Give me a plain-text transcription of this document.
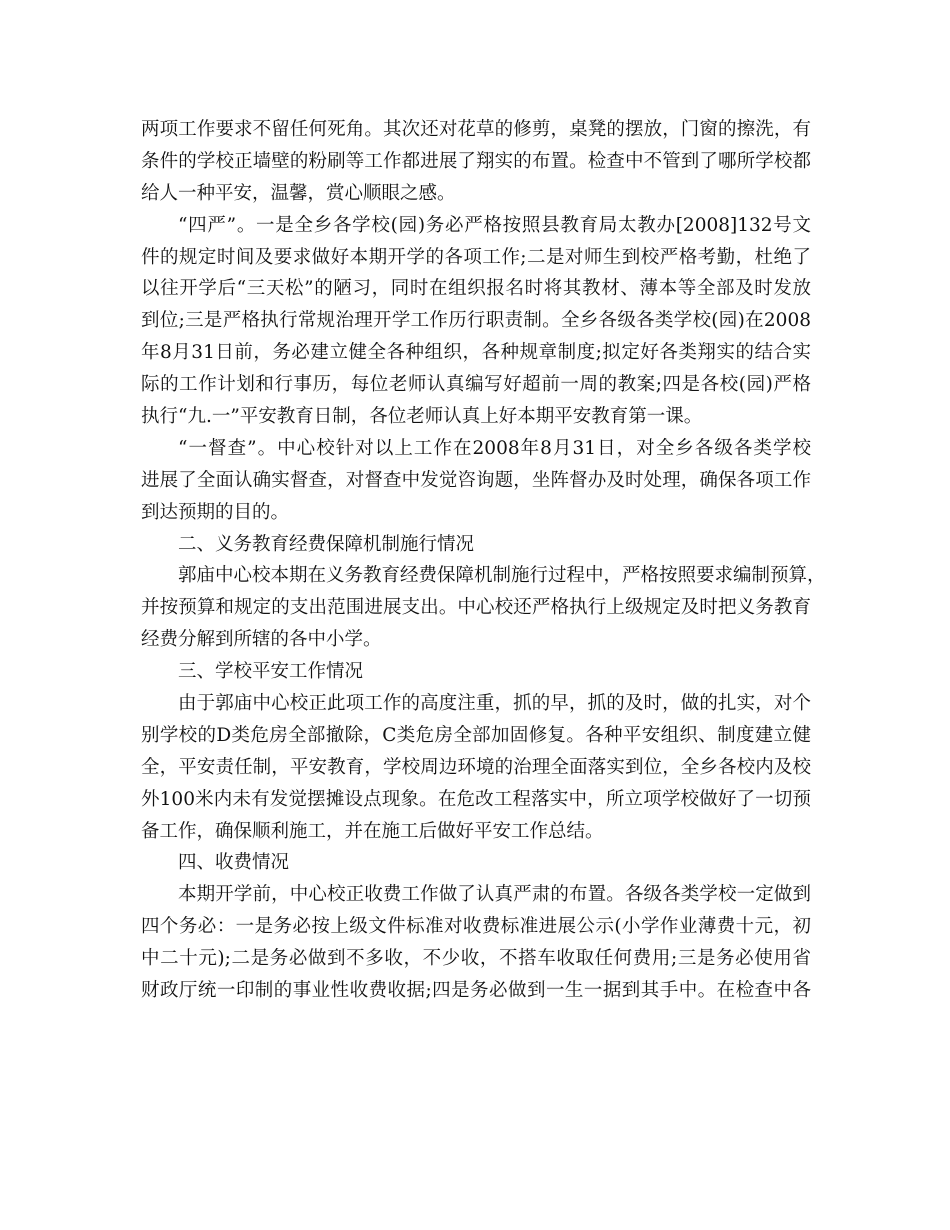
两项工作要求不留任何死角。其次还对花草的修剪，桌凳的摆放，门窗的擦洗，有
条件的学校正墙壁的粉刷等工作都进展了翔实的布置。检查中不管到了哪所学校都
给人一种平安，温馨，赏心顺眼之感。
“四严”。一是全乡各学校(园)务必严格按照县教育局太教办[2008]132号文
件的规定时间及要求做好本期开学的各项工作;二是对师生到校严格考勤，杜绝了
以往开学后“三天松”的陋习，同时在组织报名时将其教材、薄本等全部及时发放
到位;三是严格执行常规治理开学工作历行职责制。全乡各级各类学校(园)在2008
年8月31日前，务必建立健全各种组织，各种规章制度;拟定好各类翔实的结合实
际的工作计划和行事历，每位老师认真编写好超前一周的教案;四是各校(园)严格
执行“九.一”平安教育日制，各位老师认真上好本期平安教育第一课。
“一督查”。中心校针对以上工作在2008年8月31日，对全乡各级各类学校
进展了全面认确实督查，对督查中发觉咨询题，坐阵督办及时处理，确保各项工作
到达预期的目的。
二、义务教育经费保障机制施行情况
郭庙中心校本期在义务教育经费保障机制施行过程中，严格按照要求编制预算，
并按预算和规定的支出范围进展支出。中心校还严格执行上级规定及时把义务教育
经费分解到所辖的各中小学。
三、学校平安工作情况
由于郭庙中心校正此项工作的高度注重，抓的早，抓的及时，做的扎实，对个
别学校的D类危房全部撤除，C类危房全部加固修复。各种平安组织、制度建立健
全，平安责任制，平安教育，学校周边环境的治理全面落实到位，全乡各校内及校
外100米内未有发觉摆摊设点现象。在危改工程落实中，所立项学校做好了一切预
备工作，确保顺利施工，并在施工后做好平安工作总结。
四、收费情况
本期开学前，中心校正收费工作做了认真严肃的布置。各级各类学校一定做到
四个务必：一是务必按上级文件标准对收费标准进展公示(小学作业薄费十元，初
中二十元);二是务必做到不多收，不少收，不搭车收取任何费用;三是务必使用省
财政厅统一印制的事业性收费收据;四是务必做到一生一据到其手中。在检查中各
